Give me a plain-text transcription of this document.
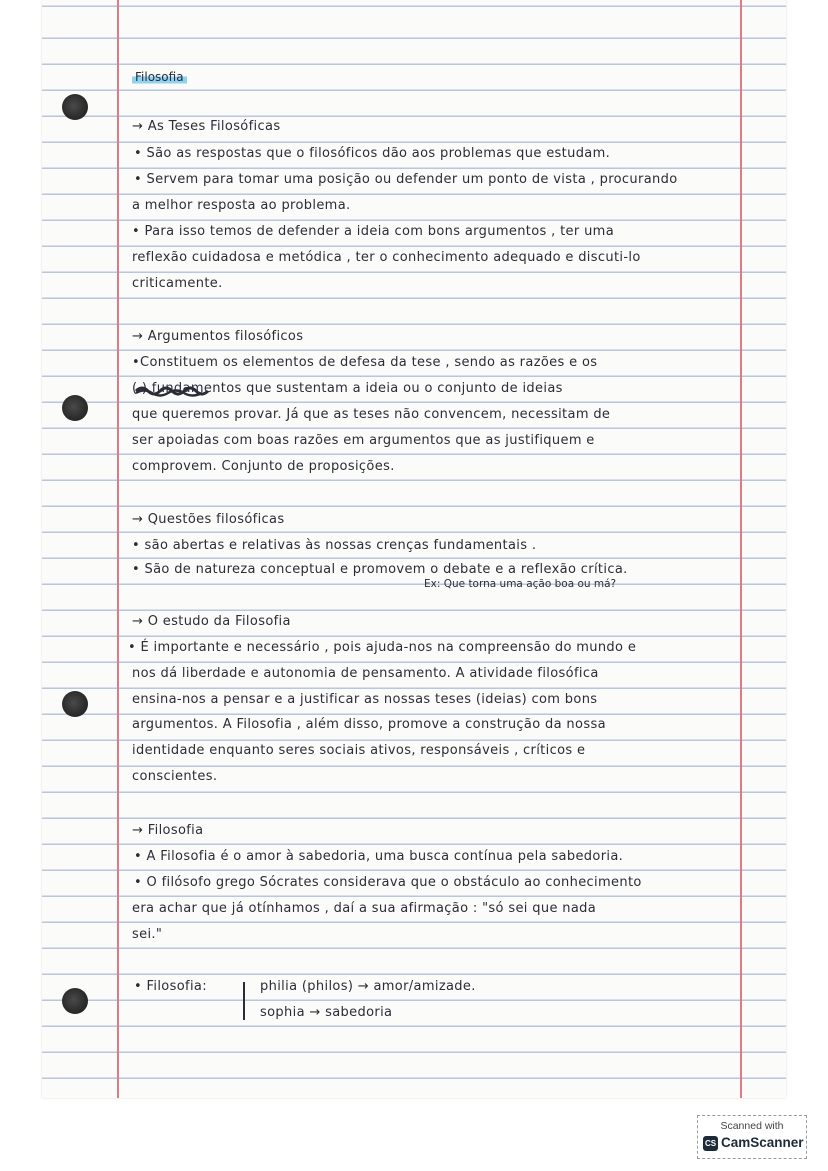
Filosofia
→ As Teses Filosóficas
• São as respostas que o filosóficos dão aos problemas que estudam.
• Servem para tomar uma posição ou defender um ponto de vista , procurando
a melhor resposta ao problema.
• Para isso temos de defender a ideia com bons argumentos , ter uma
reflexão cuidadosa e metódica , ter o conhecimento adequado e discuti-lo
criticamente.
→ Argumentos filosóficos
•Constituem os elementos de defesa da tese , sendo as razões e os
( ) fundamentos que sustentam a ideia ou o conjunto de ideias
que queremos provar. Já que as teses não convencem, necessitam de
ser apoiadas com boas razões em argumentos que as justifiquem e
comprovem. Conjunto de proposições.
→ Questões filosóficas
• são abertas e relativas às nossas crenças fundamentais .
• São de natureza conceptual e promovem o debate e a reflexão crítica.
→ O estudo da Filosofia
• É importante e necessário , pois ajuda-nos na compreensão do mundo e
nos dá liberdade e autonomia de pensamento. A atividade filosófica
ensina-nos a pensar e a justificar as nossas teses (ideias) com bons
argumentos. A Filosofia , além disso, promove a construção da nossa
identidade enquanto seres sociais ativos, responsáveis , críticos e
conscientes.
→ Filosofia
• A Filosofia é o amor à sabedoria, uma busca contínua pela sabedoria.
• O filósofo grego Sócrates considerava que o obstáculo ao conhecimento
era achar que já otínhamos , daí a sua afirmação : "só sei que nada
sei."
• Filosofia:	philia (philos) → amor/amizade.
sophia → sabedoria
Ex: Que torna uma ação boa ou má?
Scanned with
CS CamScanner
